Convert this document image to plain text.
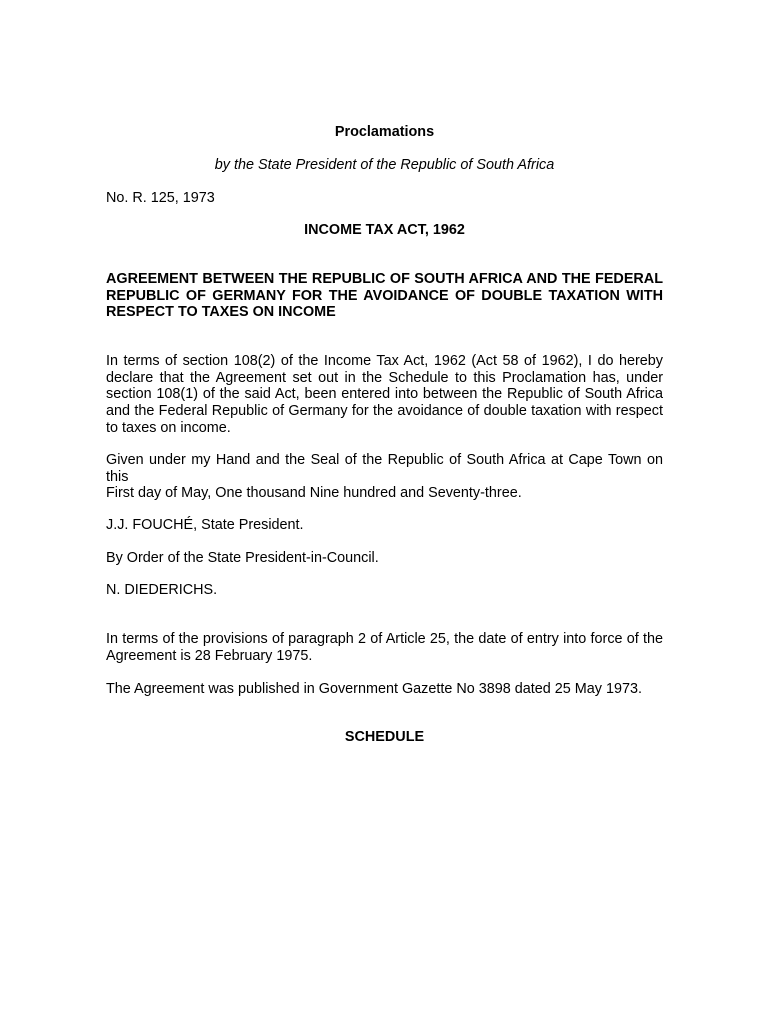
Proclamations

by the State President of the Republic of South Africa

No. R. 125, 1973

INCOME TAX ACT, 1962

AGREEMENT BETWEEN THE REPUBLIC OF SOUTH AFRICA AND THE FEDERAL
REPUBLIC OF GERMANY FOR THE AVOIDANCE OF DOUBLE TAXATION WITH
RESPECT TO TAXES ON INCOME

In terms of section 108(2) of the Income Tax Act, 1962 (Act 58 of 1962), I do hereby
declare that the Agreement set out in the Schedule to this Proclamation has, under
section 108(1) of the said Act, been entered into between the Republic of South Africa
and the Federal Republic of Germany for the avoidance of double taxation with respect
to taxes on income.

Given under my Hand and the Seal of the Republic of South Africa at Cape Town on this
First day of May, One thousand Nine hundred and Seventy-three.

J.J. FOUCHÉ, State President.

By Order of the State President-in-Council.

N. DIEDERICHS.

In terms of the provisions of paragraph 2 of Article 25, the date of entry into force of the
Agreement is 28 February 1975.

The Agreement was published in Government Gazette No 3898 dated 25 May 1973.

SCHEDULE
